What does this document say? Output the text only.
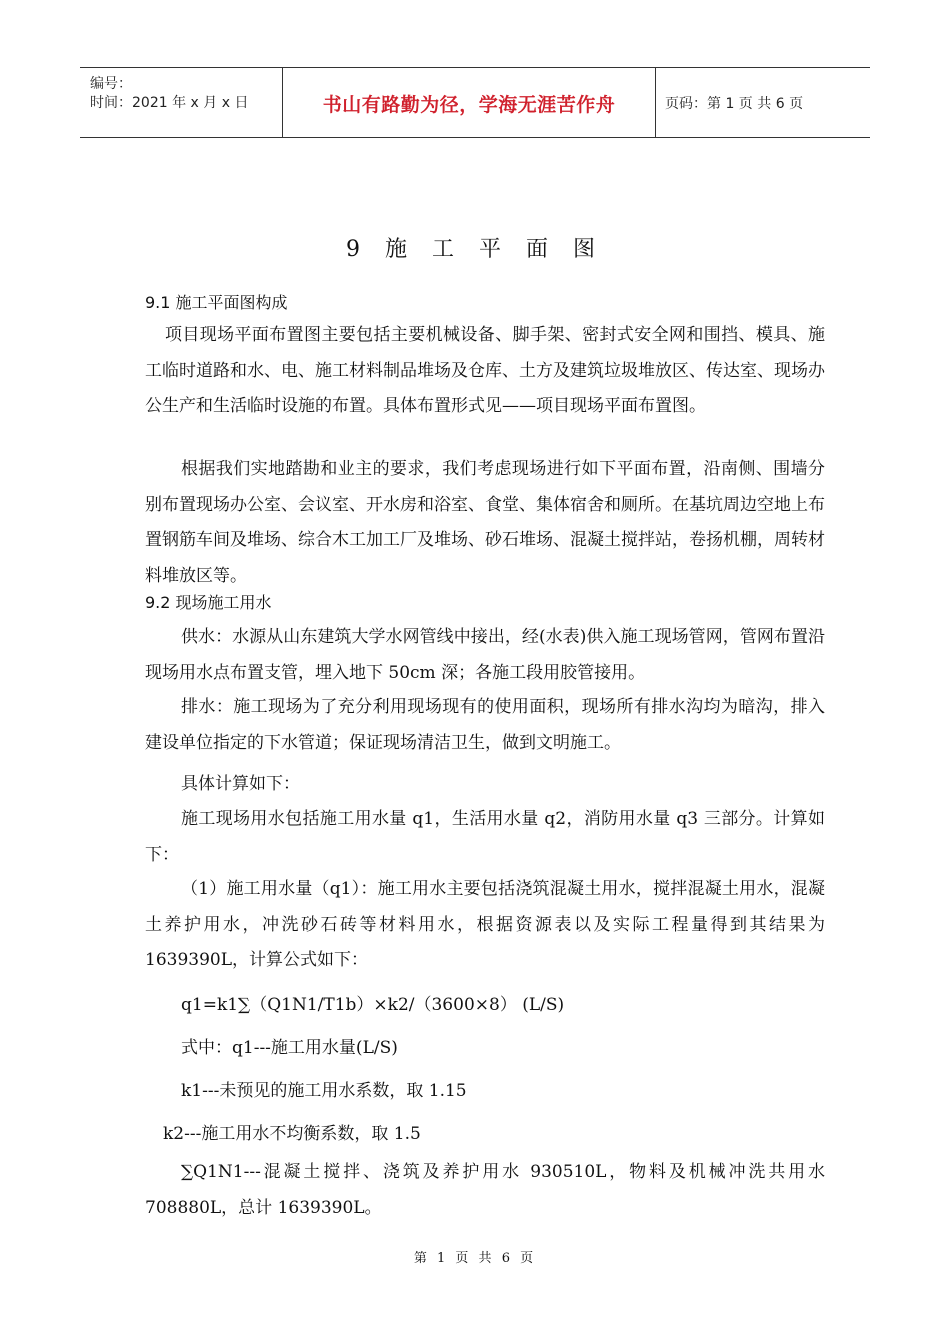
编号：
时间：2021 年 x 月 x 日	书山有路勤为径，学海无涯苦作舟	页码：第 1 页 共 6 页
9 施 工 平 面 图
9.1 施工平面图构成
项目现场平面布置图主要包括主要机械设备、脚手架、密封式安全网和围挡、模具、施工临时道路和水、电、施工材料制品堆场及仓库、土方及建筑垃圾堆放区、传达室、现场办公生产和生活临时设施的布置。具体布置形式见——项目现场平面布置图。
根据我们实地踏勘和业主的要求，我们考虑现场进行如下平面布置，沿南侧、围墙分别布置现场办公室、会议室、开水房和浴室、食堂、集体宿舍和厕所。在基坑周边空地上布置钢筋车间及堆场、综合木工加工厂及堆场、砂石堆场、混凝土搅拌站，卷扬机棚，周转材料堆放区等。
9.2 现场施工用水
供水：水源从山东建筑大学水网管线中接出，经(水表)供入施工现场管网，管网布置沿现场用水点布置支管，埋入地下 50cm 深；各施工段用胶管接用。
排水：施工现场为了充分利用现场现有的使用面积，现场所有排水沟均为暗沟，排入建设单位指定的下水管道；保证现场清洁卫生，做到文明施工。
具体计算如下：
施工现场用水包括施工用水量 q1，生活用水量 q2，消防用水量 q3 三部分。计算如下：
（1）施工用水量（q1）：施工用水主要包括浇筑混凝土用水，搅拌混凝土用水，混凝土养护用水，冲洗砂石砖等材料用水，根据资源表以及实际工程量得到其结果为 1639390L，计算公式如下：
q1=k1∑（Q1N1/T1b）×k2/（3600×8） (L/S)
式中：q1---施工用水量(L/S)
k1---未预见的施工用水系数，取 1.15
k2---施工用水不均衡系数，取 1.5
∑Q1N1---混凝土搅拌、浇筑及养护用水 930510L，物料及机械冲洗共用水 708880L，总计 1639390L。
第 1 页 共 6 页
